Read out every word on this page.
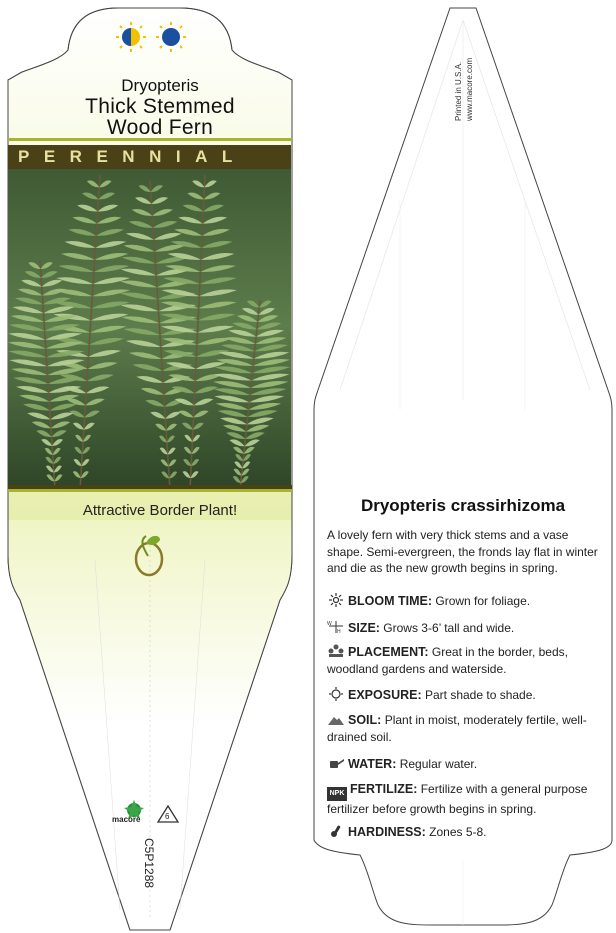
Dryopteris
Thick Stemmed
Wood Fern
PERENNIAL
Attractive Border Plant!
macore	6
C5P1288
Printed in U.S.A. www.macore.com
Dryopteris crassirhizoma
A lovely fern with very thick stems and a vase shape. Semi-evergreen, the fronds lay flat in winter and die as the new growth begins in spring.
BLOOM TIME: Grown for foliage.
W
H SIZE: Grows 3-6’ tall and wide.
PLACEMENT: Great in the border, beds, woodland gardens and waterside.
EXPOSURE: Part shade to shade.
SOIL: Plant in moist, moderately fertile, well-drained soil.
WATER: Regular water.
NPK FERTILIZE: Fertilize with a general purpose fertilizer before growth begins in spring.
HARDINESS: Zones 5-8.
